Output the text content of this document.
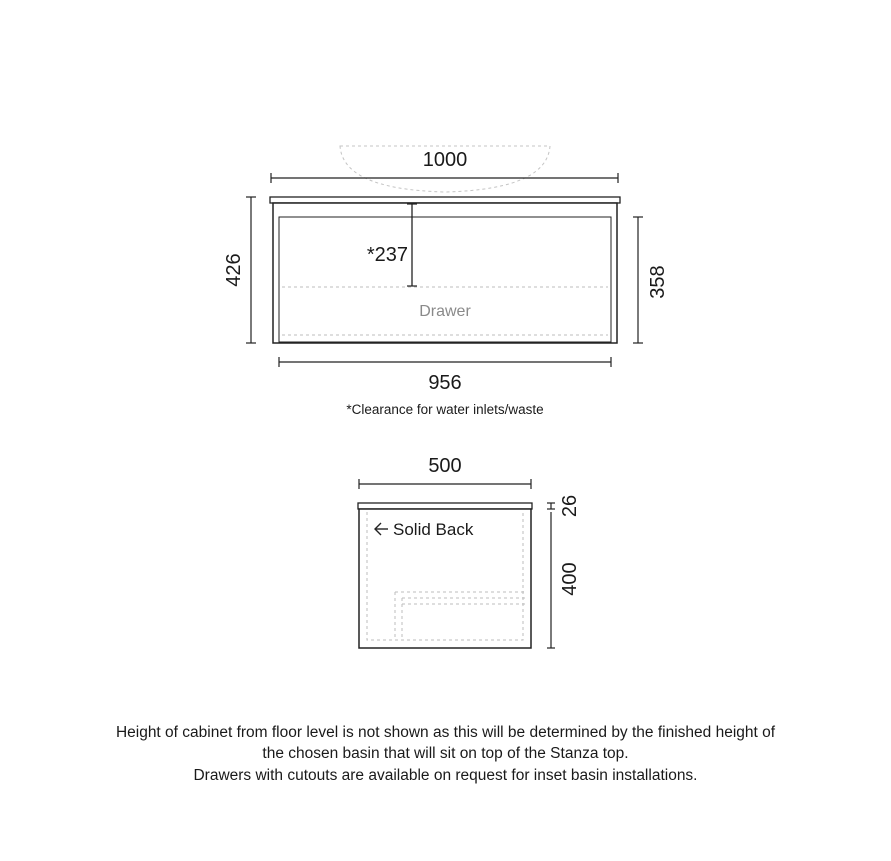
1000
Drawer
*237
426	358
956
*Clearance for water inlets/waste
500
Solid Back
26
400

Height of cabinet from floor level is not shown as this will be determined by the finished height of

the chosen basin that will sit on top of the Stanza top.

Drawers with cutouts are available on request for inset basin installations.
